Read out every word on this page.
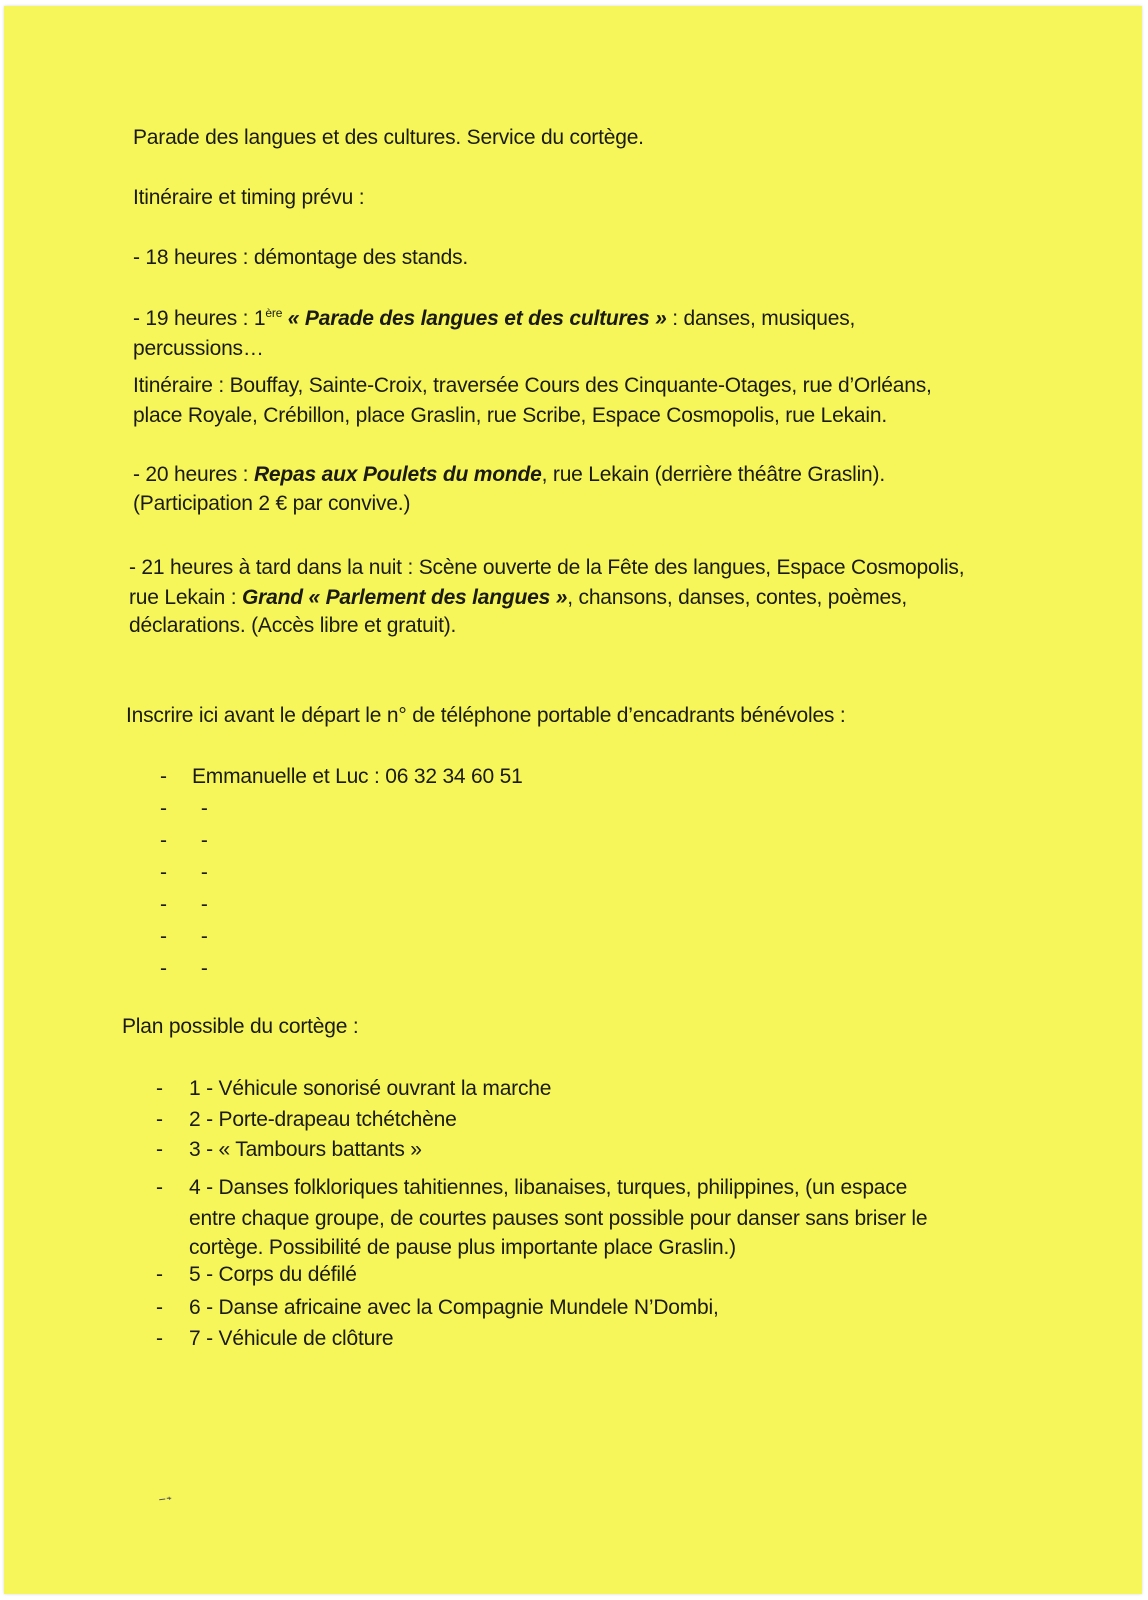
Parade des langues et des cultures. Service du cortège.
Itinéraire et timing prévu :
- 18 heures : démontage des stands.
- 19 heures : 1ère « Parade des langues et des cultures » : danses, musiques,
percussions…
Itinéraire : Bouffay, Sainte-Croix, traversée Cours des Cinquante-Otages, rue d’Orléans,
place Royale, Crébillon, place Graslin, rue Scribe, Espace Cosmopolis, rue Lekain.
- 20 heures : Repas aux Poulets du monde, rue Lekain (derrière théâtre Graslin).
(Participation 2 € par convive.)
- 21 heures à tard dans la nuit : Scène ouverte de la Fête des langues, Espace Cosmopolis,
rue Lekain : Grand « Parlement des langues », chansons, danses, contes, poèmes,
déclarations. (Accès libre et gratuit).
Inscrire ici avant le départ le n° de téléphone portable d’encadrants bénévoles :
- Emmanuelle et Luc : 06 32 34 60 51
- -
- -
- -
- -
- -
- -
Plan possible du cortège :
- 1 - Véhicule sonorisé ouvrant la marche
- 2 - Porte-drapeau tchétchène
- 3 - « Tambours battants »
- 4 - Danses folkloriques tahitiennes, libanaises, turques, philippines, (un espace
entre chaque groupe, de courtes pauses sont possible pour danser sans briser le
cortège. Possibilité de pause plus importante place Graslin.)
- 5 - Corps du défilé
- 6 - Danse africaine avec la Compagnie Mundele N’Dombi,
- 7 - Véhicule de clôture
